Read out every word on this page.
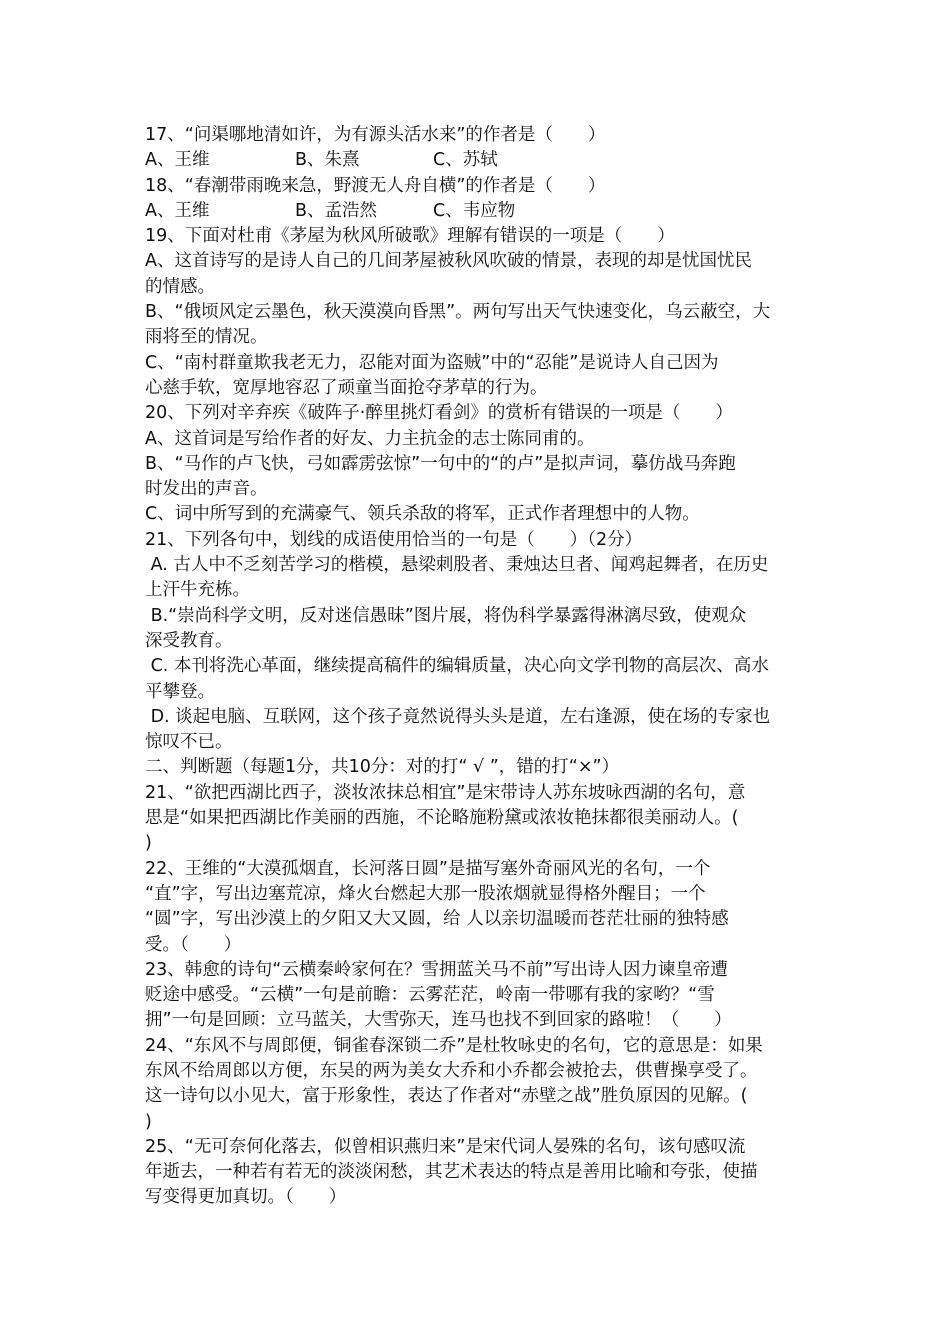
17、“问渠哪地清如许，为有源头活水来”的作者是（　　）
A、王维	B、朱熹	C、苏轼
18、“春潮带雨晚来急，野渡无人舟自横”的作者是（　　）
A、王维	B、孟浩然	C、韦应物
19、下面对杜甫《茅屋为秋风所破歌》理解有错误的一项是（　　）
A、这首诗写的是诗人自己的几间茅屋被秋风吹破的情景，表现的却是忧国忧民
的情感。
B、“俄顷风定云墨色，秋天漠漠向昏黑”。两句写出天气快速变化，乌云蔽空，大
雨将至的情况。
C、“南村群童欺我老无力，忍能对面为盗贼”中的“忍能”是说诗人自己因为
心慈手软，宽厚地容忍了顽童当面抢夺茅草的行为。
20、下列对辛弃疾《破阵子·醉里挑灯看剑》的赏析有错误的一项是（　　）
A、这首词是写给作者的好友、力主抗金的志士陈同甫的。
B、“马作的卢飞快，弓如霹雳弦惊”一句中的“的卢”是拟声词，摹仿战马奔跑
时发出的声音。
C、词中所写到的充满豪气、领兵杀敌的将军，正式作者理想中的人物。
21、下列各句中，划线的成语使用恰当的一句是（　　）（2分）
A. 古人中不乏刻苦学习的楷模，悬梁刺股者、秉烛达旦者、闻鸡起舞者，在历史
上汗牛充栋。
B.“崇尚科学文明，反对迷信愚昧”图片展，将伪科学暴露得淋漓尽致，使观众
深受教育。
C. 本刊将洗心革面，继续提高稿件的编辑质量，决心向文学刊物的高层次、高水
平攀登。
D. 谈起电脑、互联网，这个孩子竟然说得头头是道，左右逢源，使在场的专家也
惊叹不已。
二、判断题（每题1分，共10分：对的打“ √ ”，错的打“×”）
21、“欲把西湖比西子，淡妆浓抹总相宜”是宋带诗人苏东坡咏西湖的名句，意
思是“如果把西湖比作美丽的西施，不论略施粉黛或浓妆艳抹都很美丽动人。(
)
22、王维的“大漠孤烟直，长河落日圆”是描写塞外奇丽风光的名句，一个
“直”字，写出边塞荒凉，烽火台燃起大那一股浓烟就显得格外醒目；一个
“圆”字，写出沙漠上的夕阳又大又圆，给 人以亲切温暖而苍茫壮丽的独特感
受。（　　）
23、韩愈的诗句“云横秦岭家何在？雪拥蓝关马不前”写出诗人因力谏皇帝遭
贬途中感受。“云横”一句是前瞻：云雾茫茫，岭南一带哪有我的家哟？“雪
拥”一句是回顾：立马蓝关，大雪弥天，连马也找不到回家的路啦！（　　）
24、“东风不与周郎便，铜雀春深锁二乔”是杜牧咏史的名句，它的意思是：如果
东风不给周郎以方便，东吴的两为美女大乔和小乔都会被抢去，供曹操享受了。
这一诗句以小见大，富于形象性，表达了作者对“赤壁之战”胜负原因的见解。(
)
25、“无可奈何化落去，似曾相识燕归来”是宋代词人晏殊的名句，该句感叹流
年逝去，一种若有若无的淡淡闲愁，其艺术表达的特点是善用比喻和夸张，使描
写变得更加真切。（　　）
